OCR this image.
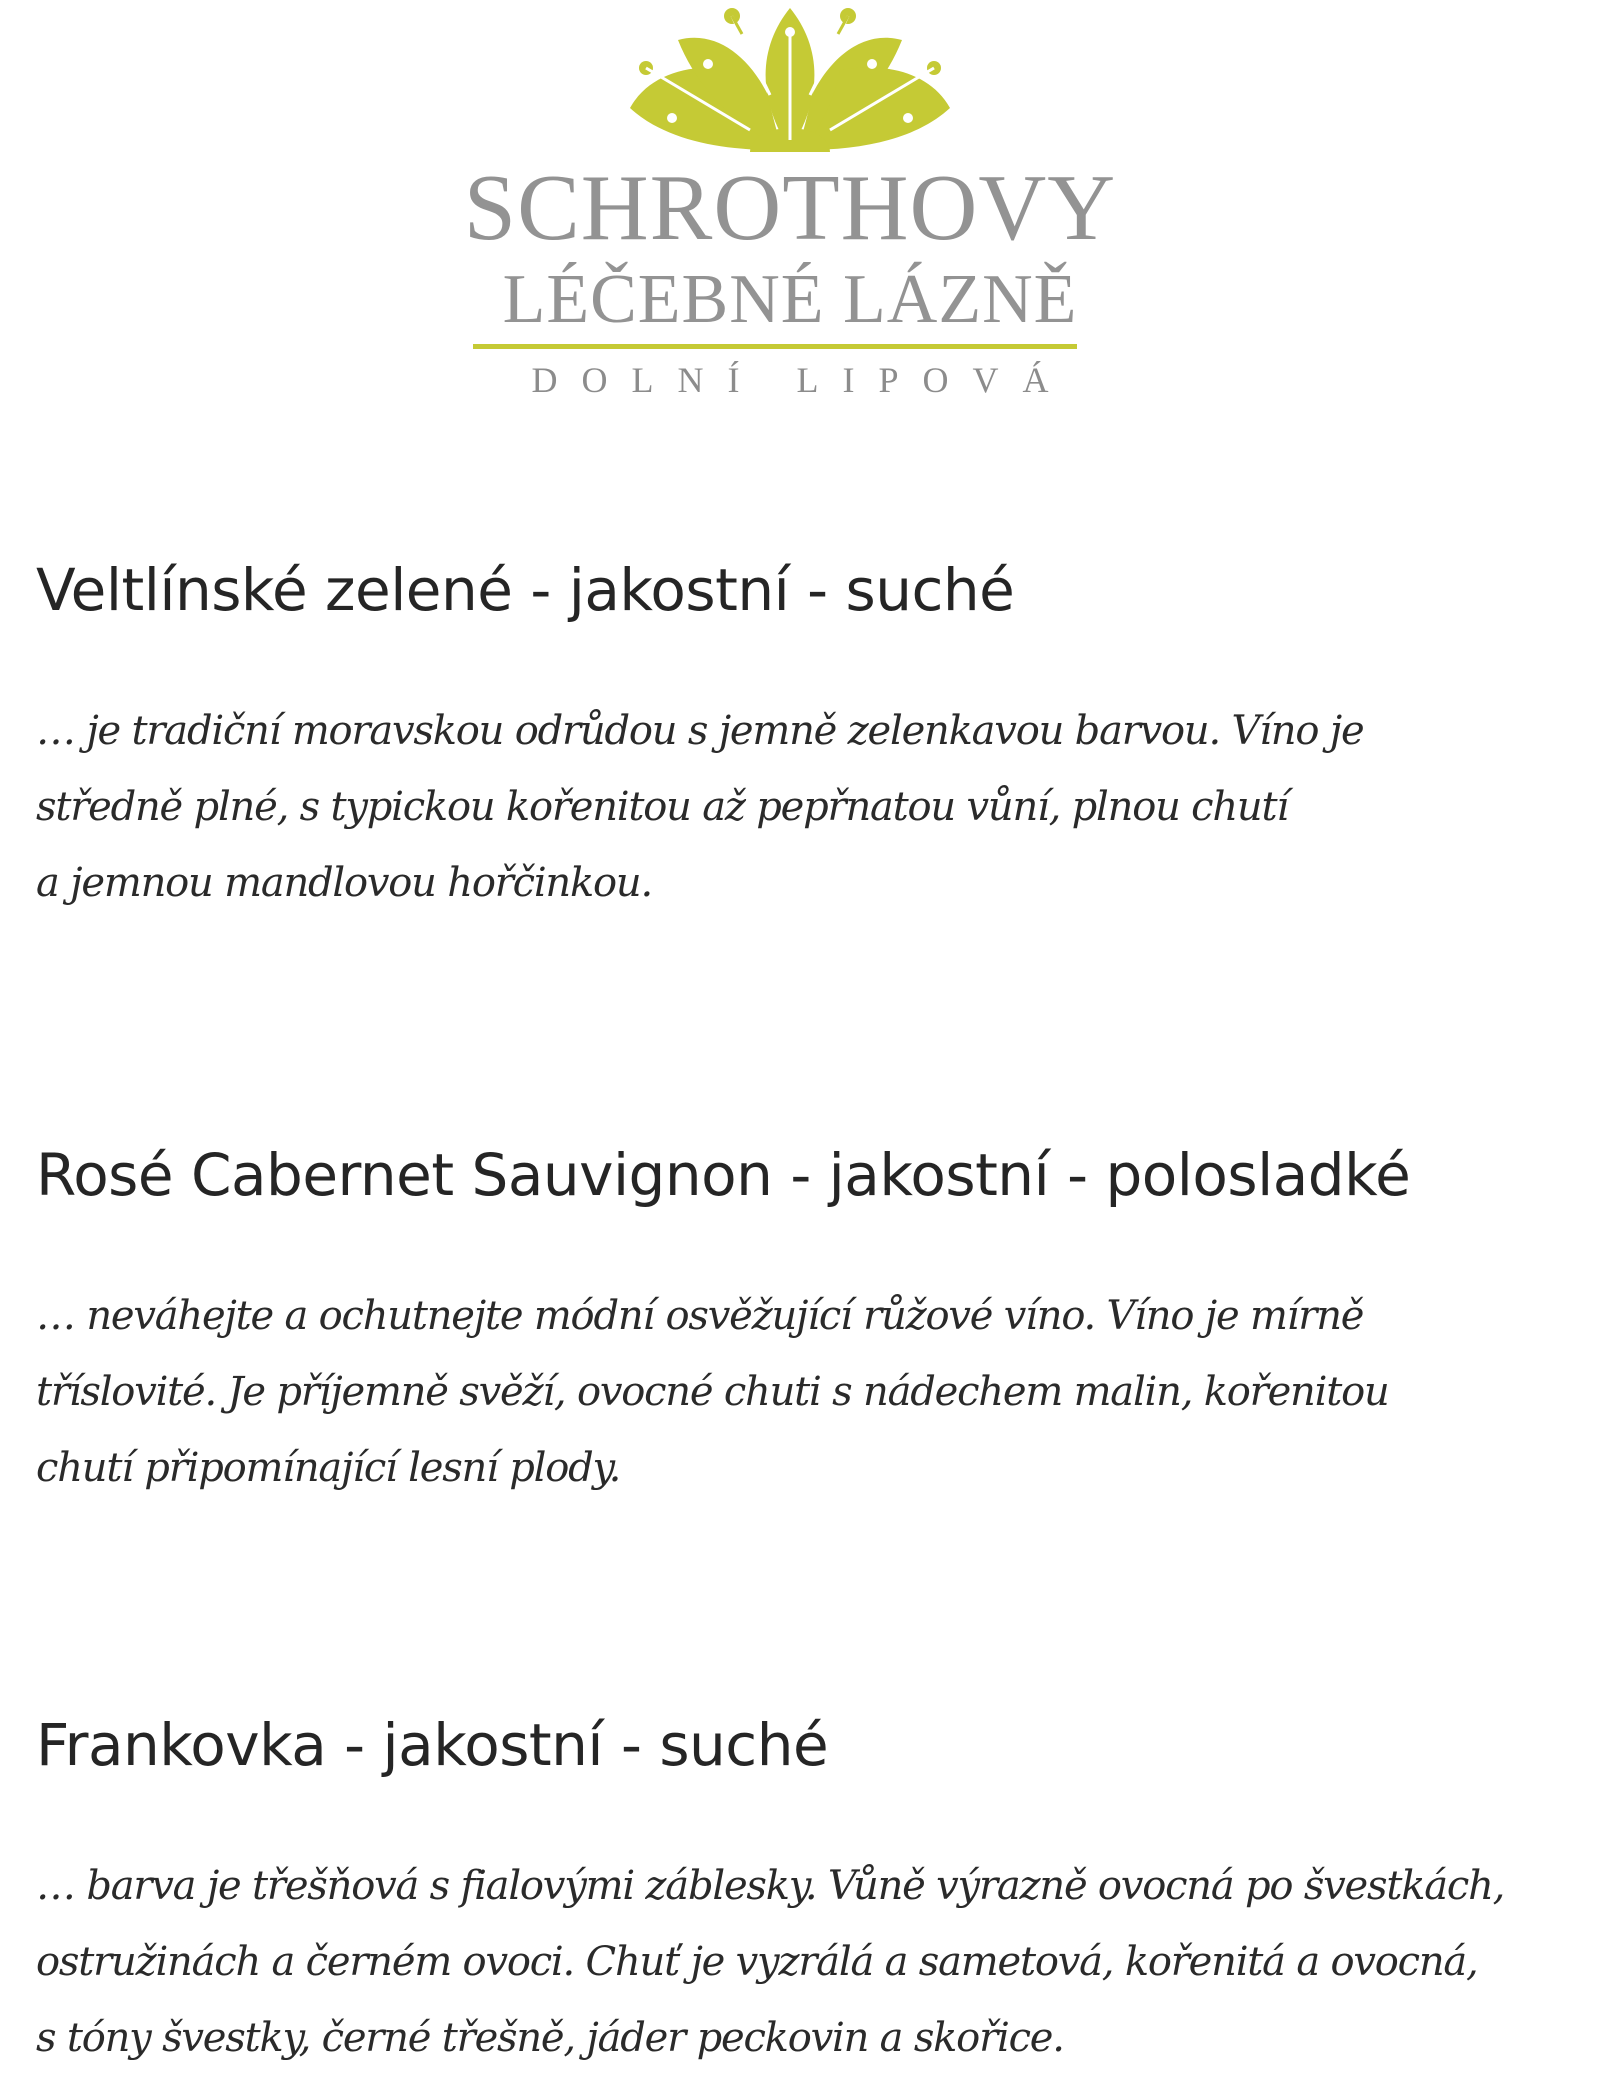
SCHROTHOVY
LÉČEBNÉ LÁZNĚ
DOLNÍ LIPOVÁ
Veltlínské zelené - jakostní - suché

… je tradiční moravskou odrůdou s jemně zelenkavou barvou. Víno je

středně plné, s typickou kořenitou až pepřnatou vůní, plnou chutí

a jemnou mandlovou hořčinkou.

Rosé Cabernet Sauvignon - jakostní - polosladké

… neváhejte a ochutnejte módní osvěžující růžové víno. Víno je mírně

tříslovité. Je příjemně svěží, ovocné chuti s nádechem malin, kořenitou

chutí připomínající lesní plody.

Frankovka - jakostní - suché

… barva je třešňová s fialovými záblesky. Vůně výrazně ovocná po švestkách,

ostružinách a černém ovoci. Chuť je vyzrálá a sametová, kořenitá a ovocná,

s tóny švestky, černé třešně, jáder peckovin a skořice.
